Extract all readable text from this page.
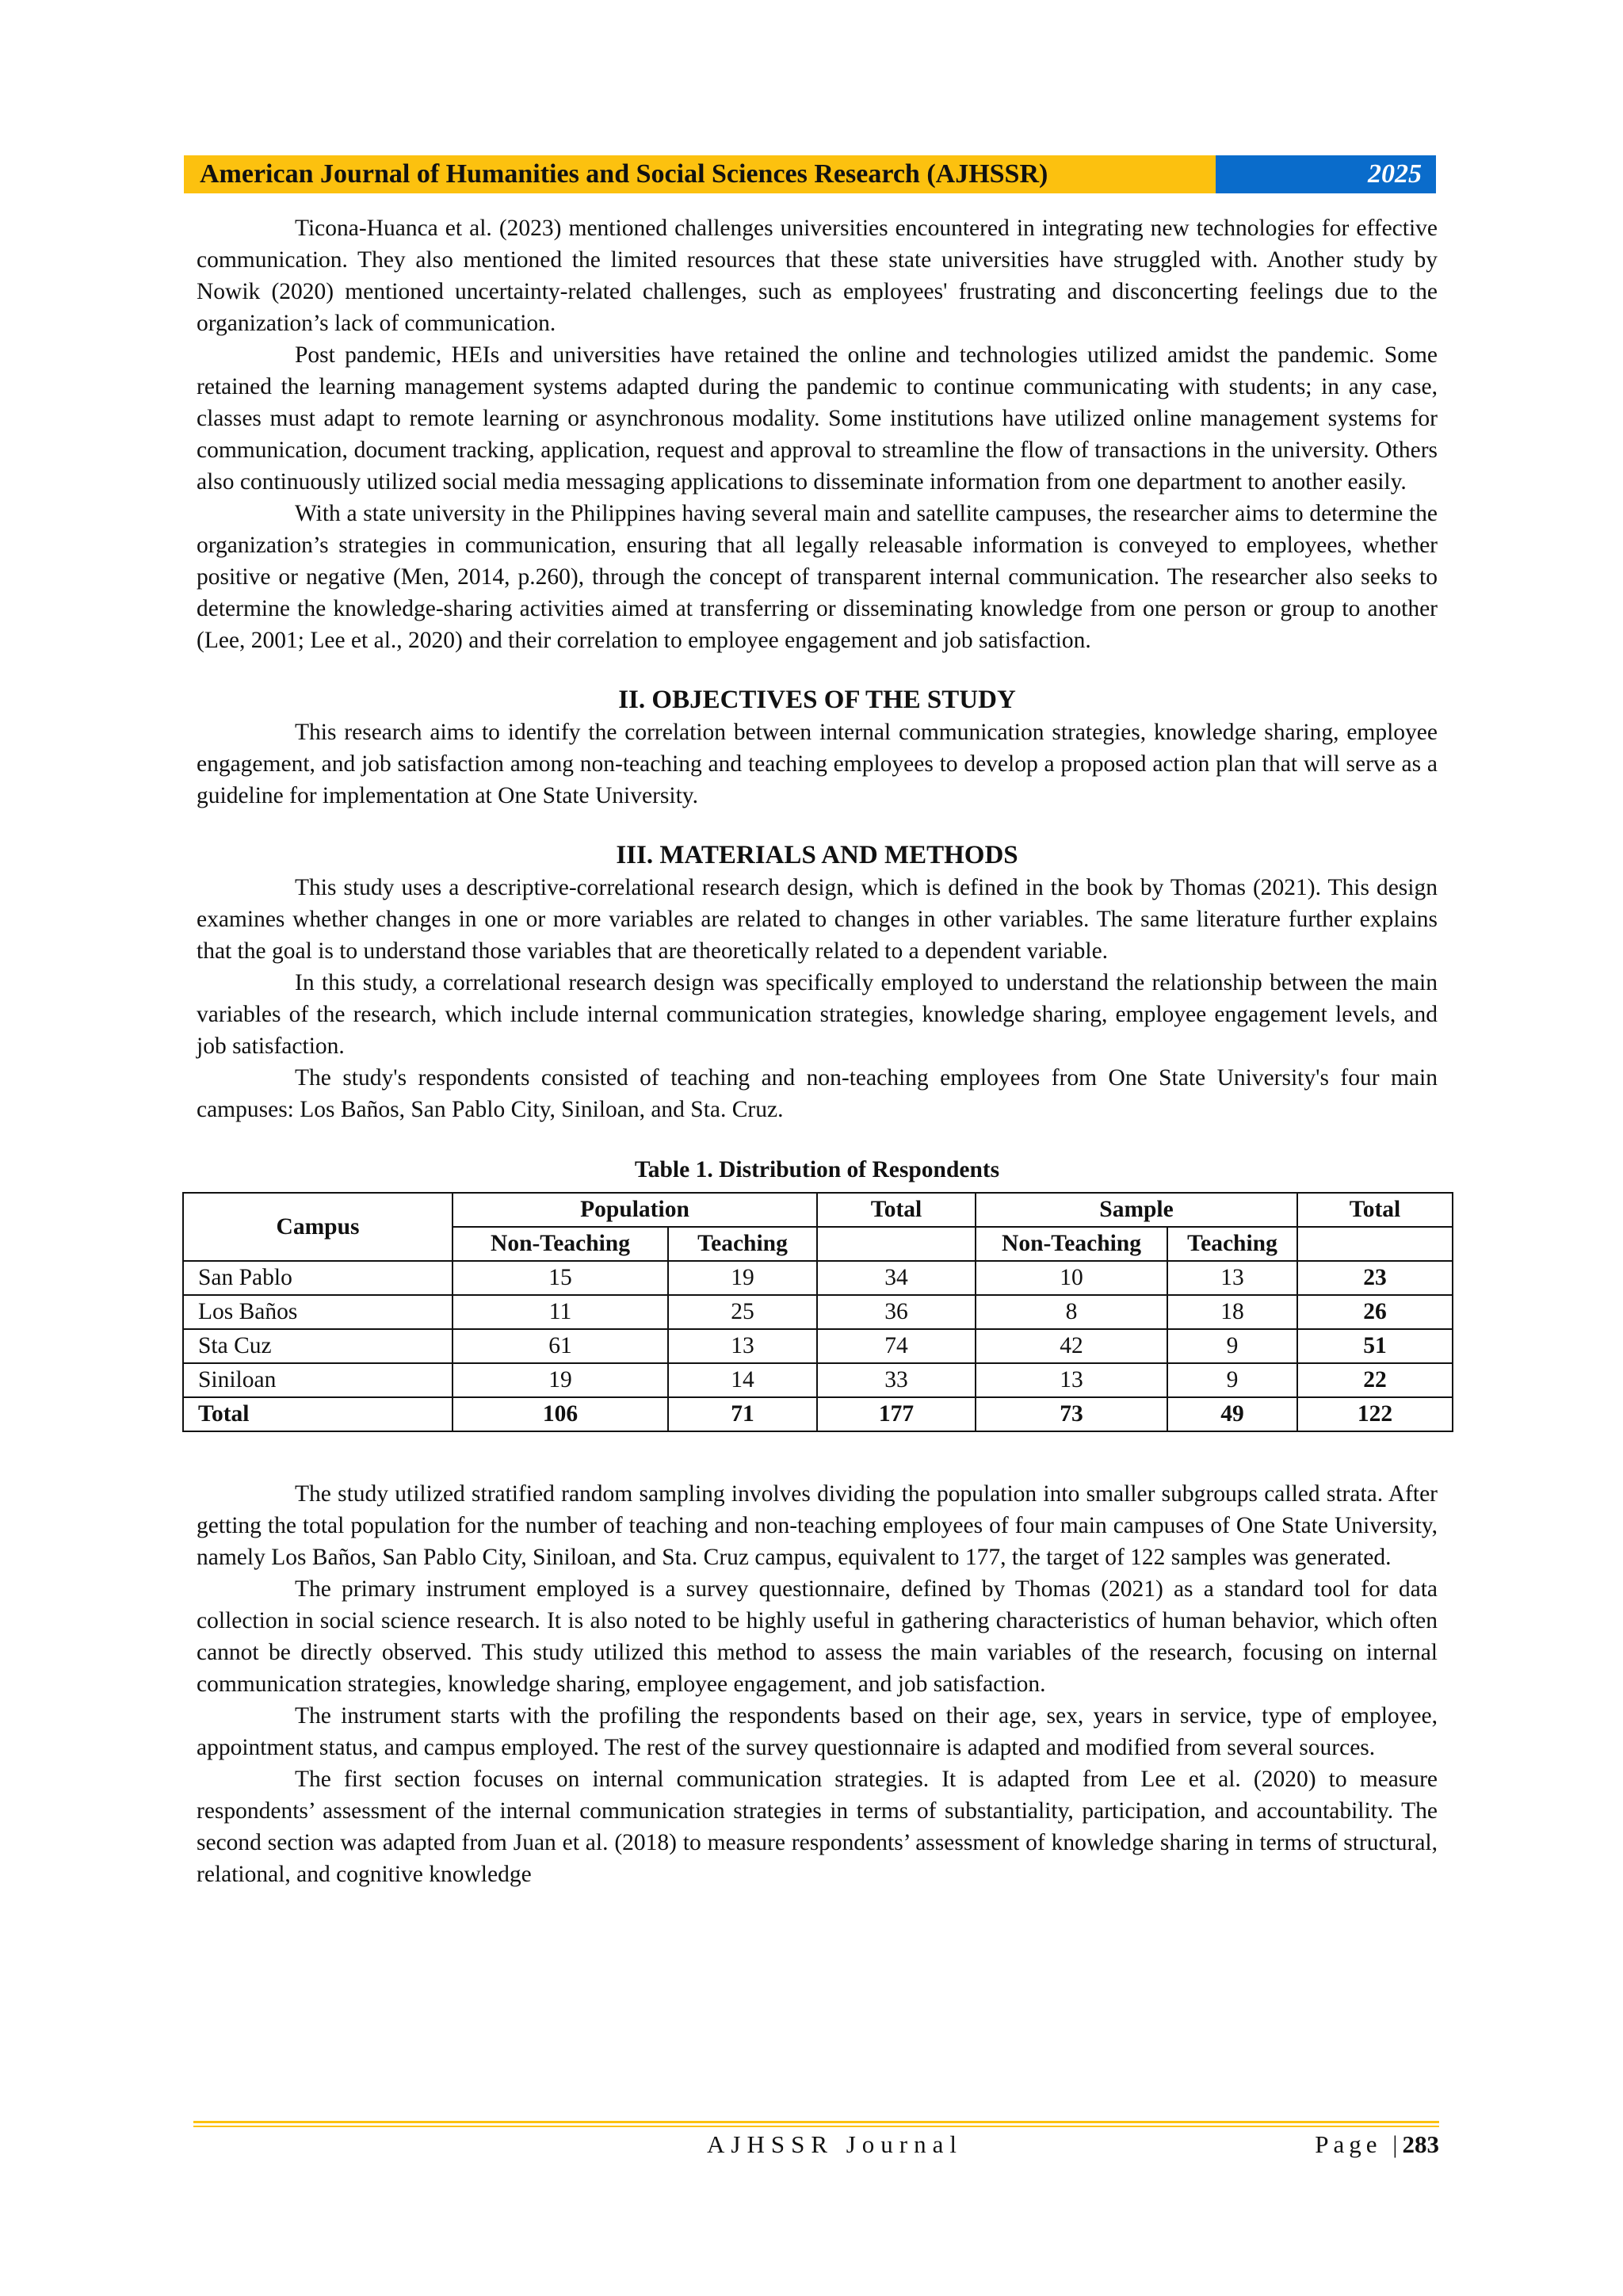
American Journal of Humanities and Social Sciences Research (AJHSSR)	2025

Ticona-Huanca et al. (2023) mentioned challenges universities encountered in integrating new technologies for effective communication. They also mentioned the limited resources that these state universities have struggled with. Another study by Nowik (2020) mentioned uncertainty-related challenges, such as employees' frustrating and disconcerting feelings due to the organization’s lack of communication.

Post pandemic, HEIs and universities have retained the online and technologies utilized amidst the pandemic. Some retained the learning management systems adapted during the pandemic to continue communicating with students; in any case, classes must adapt to remote learning or asynchronous modality. Some institutions have utilized online management systems for communication, document tracking, application, request and approval to streamline the flow of transactions in the university. Others also continuously utilized social media messaging applications to disseminate information from one department to another easily.

With a state university in the Philippines having several main and satellite campuses, the researcher aims to determine the organization’s strategies in communication, ensuring that all legally releasable information is conveyed to employees, whether positive or negative (Men, 2014, p.260), through the concept of transparent internal communication. The researcher also seeks to determine the knowledge-sharing activities aimed at transferring or disseminating knowledge from one person or group to another (Lee, 2001; Lee et al., 2020) and their correlation to employee engagement and job satisfaction.

II. OBJECTIVES OF THE STUDY

This research aims to identify the correlation between internal communication strategies, knowledge sharing, employee engagement, and job satisfaction among non-teaching and teaching employees to develop a proposed action plan that will serve as a guideline for implementation at One State University.

III. MATERIALS AND METHODS

This study uses a descriptive-correlational research design, which is defined in the book by Thomas (2021). This design examines whether changes in one or more variables are related to changes in other variables. The same literature further explains that the goal is to understand those variables that are theoretically related to a dependent variable.

In this study, a correlational research design was specifically employed to understand the relationship between the main variables of the research, which include internal communication strategies, knowledge sharing, employee engagement levels, and job satisfaction.

The study's respondents consisted of teaching and non-teaching employees from One State University's four main campuses: Los Baños, San Pablo City, Siniloan, and Sta. Cruz.

Table 1. Distribution of Respondents
Campus	Population		Total	Sample		Total
	Non-Teaching	Teaching		Non-Teaching	Teaching	
San Pablo	15	19	34	10	13	23
Los Baños	11	25	36	8	18	26
Sta Cuz	61	13	74	42	9	51
Siniloan	19	14	33	13	9	22
Total	106	71	177	73	49	122

The study utilized stratified random sampling involves dividing the population into smaller subgroups called strata. After getting the total population for the number of teaching and non-teaching employees of four main campuses of One State University, namely Los Baños, San Pablo City, Siniloan, and Sta. Cruz campus, equivalent to 177, the target of 122 samples was generated.

The primary instrument employed is a survey questionnaire, defined by Thomas (2021) as a standard tool for data collection in social science research. It is also noted to be highly useful in gathering characteristics of human behavior, which often cannot be directly observed. This study utilized this method to assess the main variables of the research, focusing on internal communication strategies, knowledge sharing, employee engagement, and job satisfaction.

The instrument starts with the profiling the respondents based on their age, sex, years in service, type of employee, appointment status, and campus employed. The rest of the survey questionnaire is adapted and modified from several sources.

The first section focuses on internal communication strategies. It is adapted from Lee et al. (2020) to measure respondents’ assessment of the internal communication strategies in terms of substantiality, participation, and accountability. The second section was adapted from Juan et al. (2018) to measure respondents’ assessment of knowledge sharing in terms of structural, relational, and cognitive knowledge

AJHSSR Journal	Page |283
